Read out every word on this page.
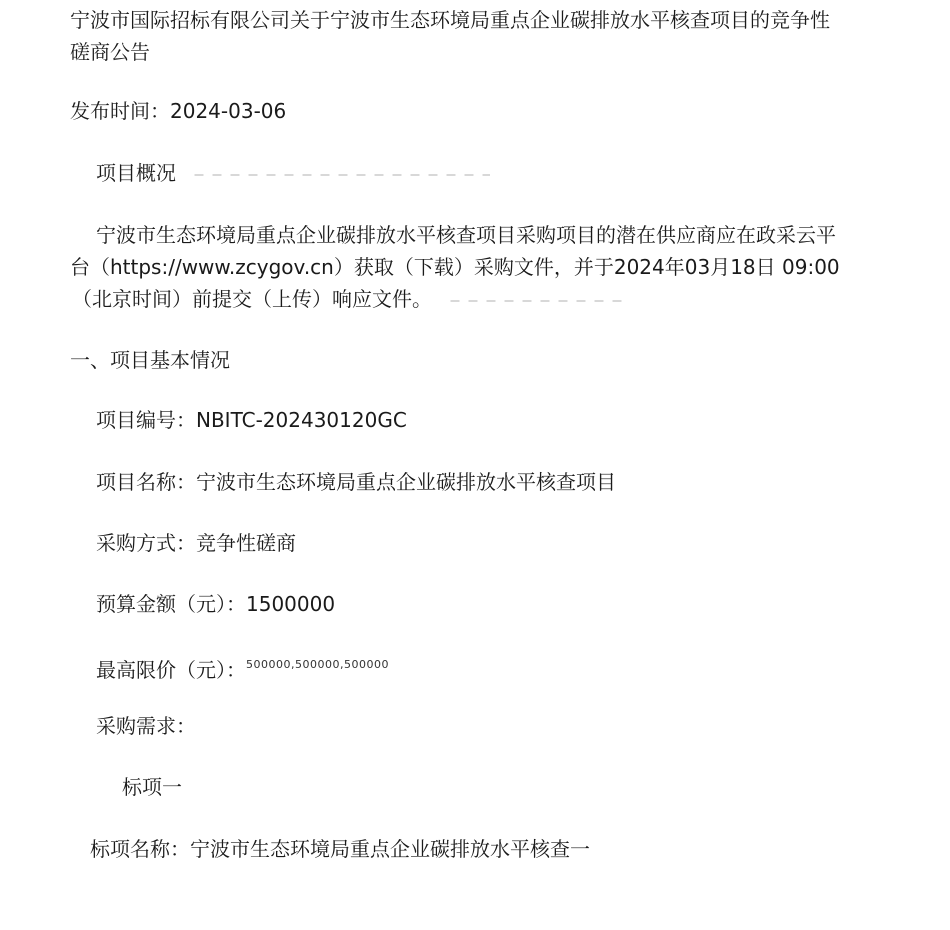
宁波市国际招标有限公司关于宁波市生态环境局重点企业碳排放水平核查项目的竞争性

磋商公告

发布时间：2024-03-06

项目概况

宁波市生态环境局重点企业碳排放水平核查项目采购项目的潜在供应商应在政采云平

台（https://www.zcygov.cn）获取（下载）采购文件，并于2024年03月18日 09:00

（北京时间）前提交（上传）响应文件。

一、项目基本情况

项目编号：NBITC-202430120GC

项目名称：宁波市生态环境局重点企业碳排放水平核查项目

采购方式：竞争性磋商

预算金额（元）：1500000

最高限价（元）：$^{500000,500000,500000}$

采购需求：

标项一

标项名称：宁波市生态环境局重点企业碳排放水平核查一
